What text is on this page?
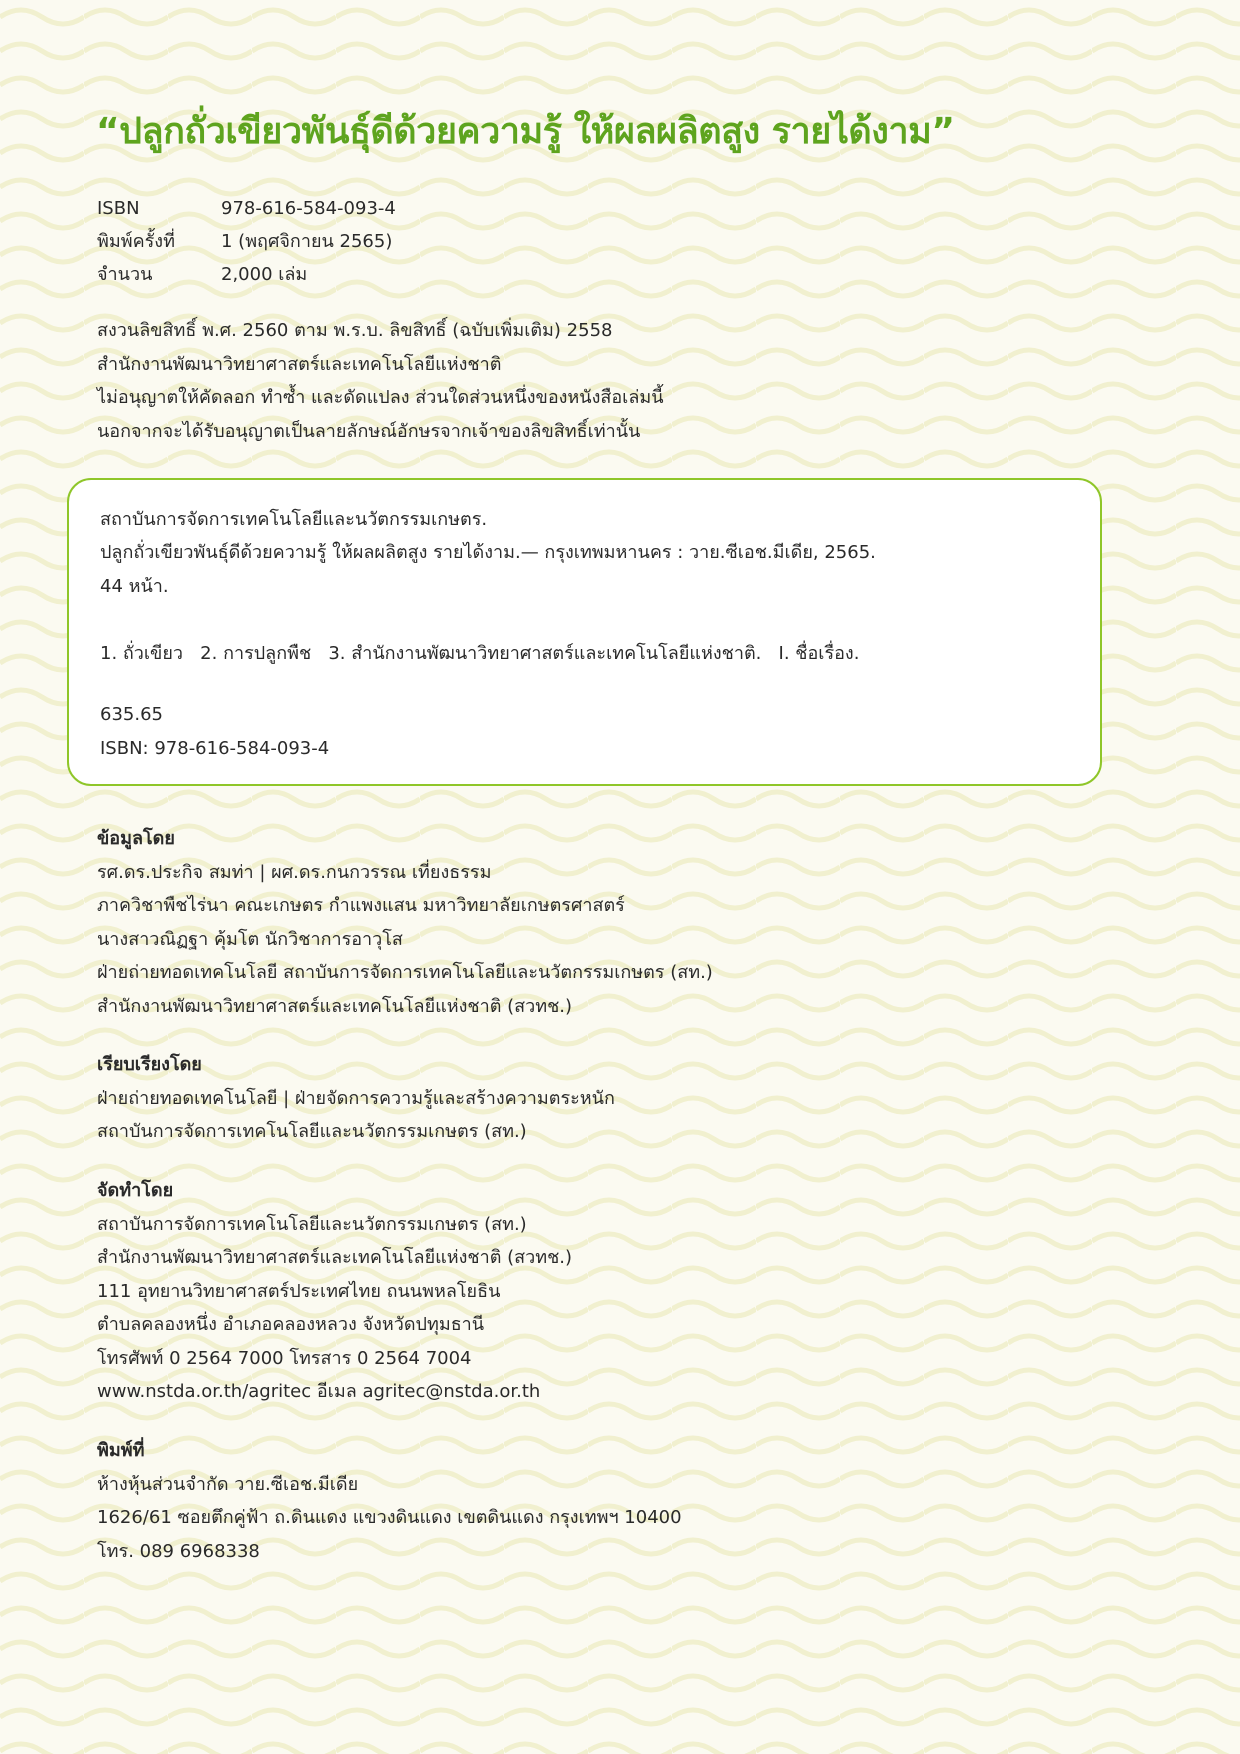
“ปลูกถั่วเขียวพันธุ์ดีด้วยความรู้ ให้ผลผลิตสูง รายได้งาม”
ISBN	978-616-584-093-4
พิมพ์ครั้งที่	1 (พฤศจิกายน 2565)
จำนวน	2,000 เล่ม
สงวนลิขสิทธิ์ พ.ศ. 2560 ตาม พ.ร.บ. ลิขสิทธิ์ (ฉบับเพิ่มเติม) 2558
สำนักงานพัฒนาวิทยาศาสตร์และเทคโนโลยีแห่งชาติ
ไม่อนุญาตให้คัดลอก ทำซ้ำ และดัดแปลง ส่วนใดส่วนหนึ่งของหนังสือเล่มนี้
นอกจากจะได้รับอนุญาตเป็นลายลักษณ์อักษรจากเจ้าของลิขสิทธิ์เท่านั้น
สถาบันการจัดการเทคโนโลยีและนวัตกรรมเกษตร.
ปลูกถั่วเขียวพันธุ์ดีด้วยความรู้ ให้ผลผลิตสูง รายได้งาม.— กรุงเทพมหานคร : วาย.ซีเอช.มีเดีย, 2565.
44 หน้า.
1. ถั่วเขียว   2. การปลูกพืช   3. สำนักงานพัฒนาวิทยาศาสตร์และเทคโนโลยีแห่งชาติ.   I. ชื่อเรื่อง.
635.65
ISBN: 978-616-584-093-4
ข้อมูลโดย
รศ.ดร.ประกิจ สมท่า | ผศ.ดร.กนกวรรณ เที่ยงธรรม
ภาควิชาพืชไร่นา คณะเกษตร กำแพงแสน มหาวิทยาลัยเกษตรศาสตร์
นางสาวณิฏฐา คุ้มโต นักวิชาการอาวุโส
ฝ่ายถ่ายทอดเทคโนโลยี สถาบันการจัดการเทคโนโลยีและนวัตกรรมเกษตร (สท.)
สำนักงานพัฒนาวิทยาศาสตร์และเทคโนโลยีแห่งชาติ (สวทช.)
เรียบเรียงโดย
ฝ่ายถ่ายทอดเทคโนโลยี | ฝ่ายจัดการความรู้และสร้างความตระหนัก
สถาบันการจัดการเทคโนโลยีและนวัตกรรมเกษตร (สท.)
จัดทำโดย
สถาบันการจัดการเทคโนโลยีและนวัตกรรมเกษตร (สท.)
สำนักงานพัฒนาวิทยาศาสตร์และเทคโนโลยีแห่งชาติ (สวทช.)
111 อุทยานวิทยาศาสตร์ประเทศไทย ถนนพหลโยธิน
ตำบลคลองหนึ่ง อำเภอคลองหลวง จังหวัดปทุมธานี
โทรศัพท์ 0 2564 7000 โทรสาร 0 2564 7004
www.nstda.or.th/agritec อีเมล agritec@nstda.or.th
พิมพ์ที่
ห้างหุ้นส่วนจำกัด วาย.ซีเอช.มีเดีย
1626/61 ซอยตึกคู่ฟ้า ถ.ดินแดง แขวงดินแดง เขตดินแดง กรุงเทพฯ 10400
โทร. 089 6968338
